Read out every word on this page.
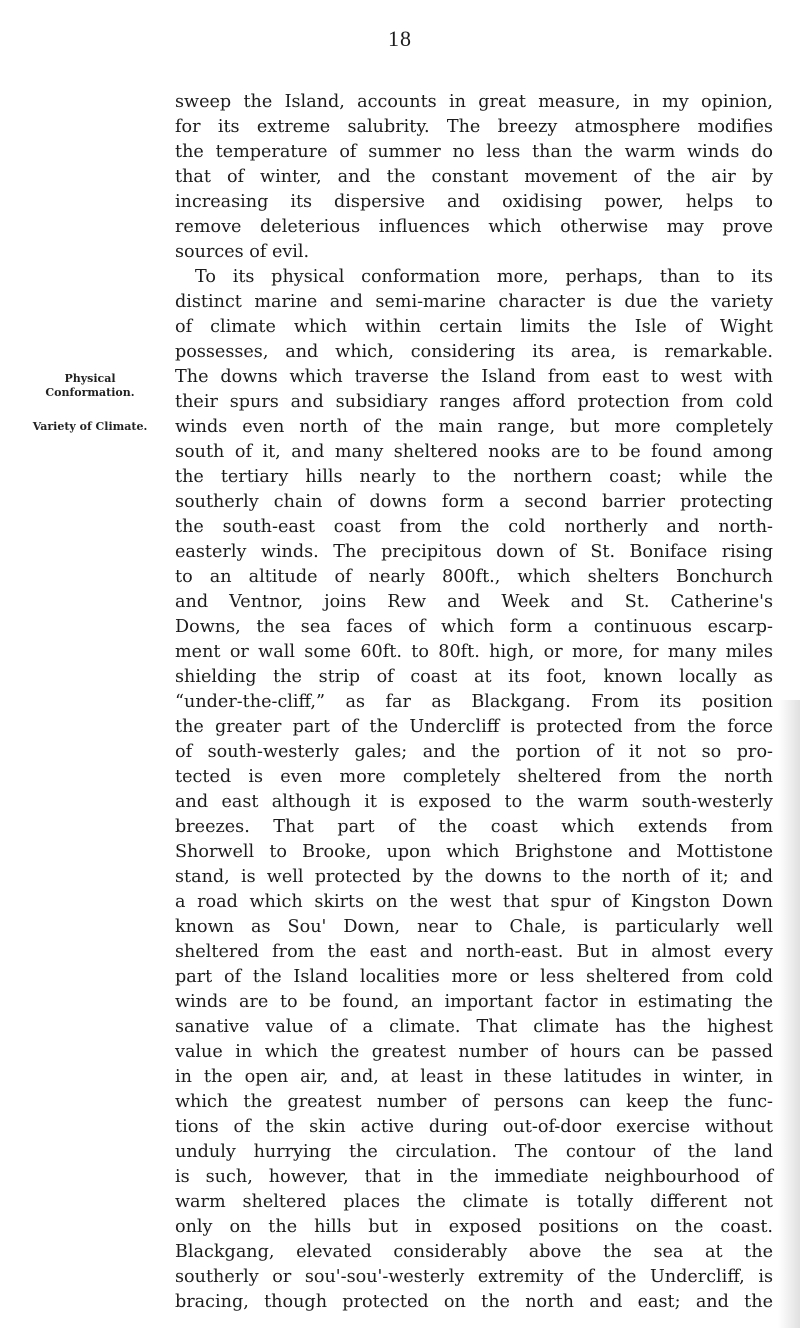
18
Physical
Conformation.
Variety of Climate.
sweep the Island, accounts in great measure, in my opinion,
for its extreme salubrity. The breezy atmosphere modifies
the temperature of summer no less than the warm winds do
that of winter, and the constant movement of the air by
increasing its dispersive and oxidising power, helps to
remove deleterious influences which otherwise may prove
sources of evil.
To its physical conformation more, perhaps, than to its
distinct marine and semi-marine character is due the variety
of climate which within certain limits the Isle of Wight
possesses, and which, considering its area, is remarkable.
The downs which traverse the Island from east to west with
their spurs and subsidiary ranges afford protection from cold
winds even north of the main range, but more completely
south of it, and many sheltered nooks are to be found among
the tertiary hills nearly to the northern coast; while the
southerly chain of downs form a second barrier protecting
the south-east coast from the cold northerly and north-
easterly winds. The precipitous down of St. Boniface rising
to an altitude of nearly 800ft., which shelters Bonchurch
and Ventnor, joins Rew and Week and St. Catherine's
Downs, the sea faces of which form a continuous escarp-
ment or wall some 60ft. to 80ft. high, or more, for many miles
shielding the strip of coast at its foot, known locally as
“under-the-cliff,” as far as Blackgang. From its position
the greater part of the Undercliff is protected from the force
of south-westerly gales; and the portion of it not so pro-
tected is even more completely sheltered from the north
and east although it is exposed to the warm south-westerly
breezes. That part of the coast which extends from
Shorwell to Brooke, upon which Brighstone and Mottistone
stand, is well protected by the downs to the north of it; and
a road which skirts on the west that spur of Kingston Down
known as Sou' Down, near to Chale, is particularly well
sheltered from the east and north-east. But in almost every
part of the Island localities more or less sheltered from cold
winds are to be found, an important factor in estimating the
sanative value of a climate. That climate has the highest
value in which the greatest number of hours can be passed
in the open air, and, at least in these latitudes in winter, in
which the greatest number of persons can keep the func-
tions of the skin active during out-of-door exercise without
unduly hurrying the circulation. The contour of the land
is such, however, that in the immediate neighbourhood of
warm sheltered places the climate is totally different not
only on the hills but in exposed positions on the coast.
Blackgang, elevated considerably above the sea at the
southerly or sou'-sou'-westerly extremity of the Undercliff, is
bracing, though protected on the north and east; and the
